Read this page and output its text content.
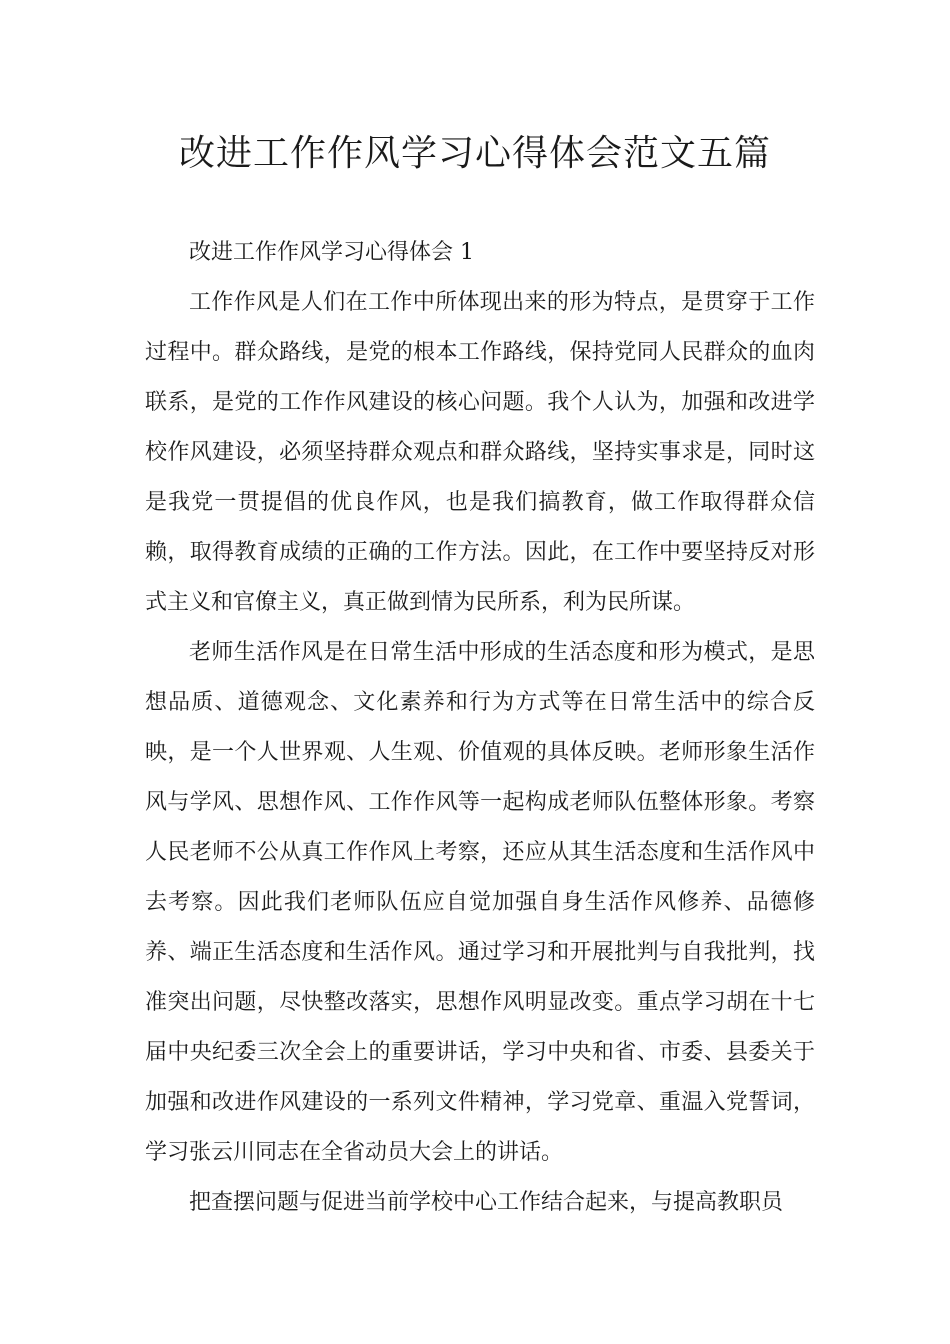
改进工作作风学习心得体会范文五篇

改进工作作风学习心得体会 1

工作作风是人们在工作中所体现出来的形为特点，是贯穿于工作过程中。群众路线，是党的根本工作路线，保持党同人民群众的血肉联系，是党的工作作风建设的核心问题。我个人认为，加强和改进学校作风建设，必须坚持群众观点和群众路线，坚持实事求是，同时这是我党一贯提倡的优良作风，也是我们搞教育，做工作取得群众信赖，取得教育成绩的正确的工作方法。因此，在工作中要坚持反对形式主义和官僚主义，真正做到情为民所系，利为民所谋。

老师生活作风是在日常生活中形成的生活态度和形为模式，是思想品质、道德观念、文化素养和行为方式等在日常生活中的综合反映，是一个人世界观、人生观、价值观的具体反映。老师形象生活作风与学风、思想作风、工作作风等一起构成老师队伍整体形象。考察人民老师不公从真工作作风上考察，还应从其生活态度和生活作风中去考察。因此我们老师队伍应自觉加强自身生活作风修养、品德修养、端正生活态度和生活作风。通过学习和开展批判与自我批判，找准突出问题，尽快整改落实，思想作风明显改变。重点学习胡在十七届中央纪委三次全会上的重要讲话，学习中央和省、市委、县委关于加强和改进作风建设的一系列文件精神，学习党章、重温入党誓词，学习张云川同志在全省动员大会上的讲话。

把查摆问题与促进当前学校中心工作结合起来，与提高教职员
